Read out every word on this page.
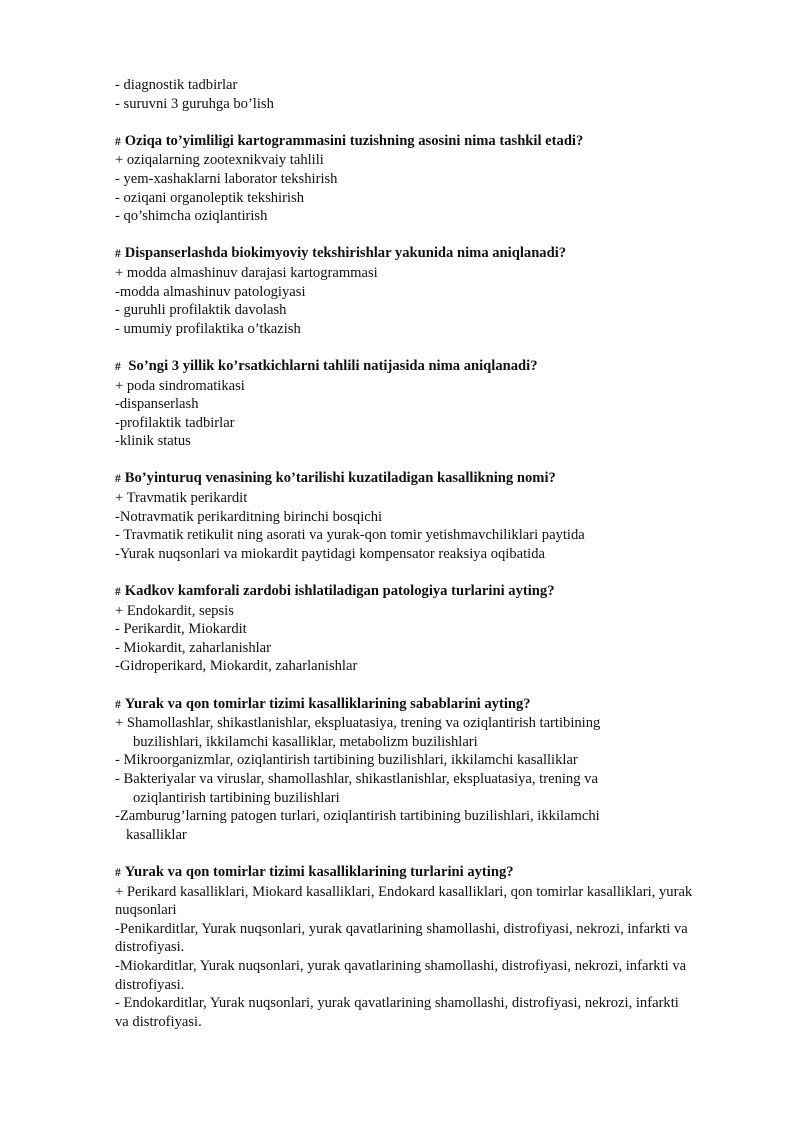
- diagnostik tadbirlar
- suruvni 3 guruhga bo’lish
# Oziqa to’yimliligi kartogrammasini tuzishning asosini nima tashkil etadi?
+ oziqalarning zootexnikvaiy tahlili
- yem-xashaklarni laborator tekshirish
- oziqani organoleptik tekshirish
- qo’shimcha oziqlantirish
# Dispanserlashda biokimyoviy tekshirishlar yakunida nima aniqlanadi?
+ modda almashinuv darajasi kartogrammasi
-modda almashinuv patologiyasi
- guruhli profilaktik davolash
- umumiy profilaktika o’tkazish
# So’ngi 3 yillik ko’rsatkichlarni tahlili natijasida nima aniqlanadi?
+ poda sindromatikasi
-dispanserlash
-profilaktik tadbirlar
-klinik status
# Bo’yinturuq venasining ko’tarilishi kuzatiladigan kasallikning nomi?
+ Travmatik perikardit
-Notravmatik perikarditning birinchi bosqichi
- Travmatik retikulit ning asorati va yurak-qon tomir yetishmavchiliklari paytida
-Yurak nuqsonlari va miokardit paytidagi kompensator reaksiya oqibatida
# Kadkov kamforali zardobi ishlatiladigan patologiya turlarini ayting?
+ Endokardit, sepsis
- Perikardit, Miokardit
- Miokardit, zaharlanishlar
-Gidroperikard, Miokardit, zaharlanishlar
# Yurak va qon tomirlar tizimi kasalliklarining sabablarini ayting?
+ Shamollashlar, shikastlanishlar, ekspluatasiya, trening va oziqlantirish tartibining
buzilishlari, ikkilamchi kasalliklar, metabolizm buzilishlari
- Mikroorganizmlar, oziqlantirish tartibining buzilishlari, ikkilamchi kasalliklar
- Bakteriyalar va viruslar, shamollashlar, shikastlanishlar, ekspluatasiya, trening va
oziqlantirish tartibining buzilishlari
-Zamburug’larning patogen turlari, oziqlantirish tartibining buzilishlari, ikkilamchi
kasalliklar
# Yurak va qon tomirlar tizimi kasalliklarining turlarini ayting?
+ Perikard kasalliklari, Miokard kasalliklari, Endokard kasalliklari, qon tomirlar kasalliklari, yurak
nuqsonlari
-Penikarditlar, Yurak nuqsonlari, yurak qavatlarining shamollashi, distrofiyasi, nekrozi, infarkti va
distrofiyasi.
-Miokarditlar, Yurak nuqsonlari, yurak qavatlarining shamollashi, distrofiyasi, nekrozi, infarkti va
distrofiyasi.
- Endokarditlar, Yurak nuqsonlari, yurak qavatlarining shamollashi, distrofiyasi, nekrozi, infarkti
va distrofiyasi.
